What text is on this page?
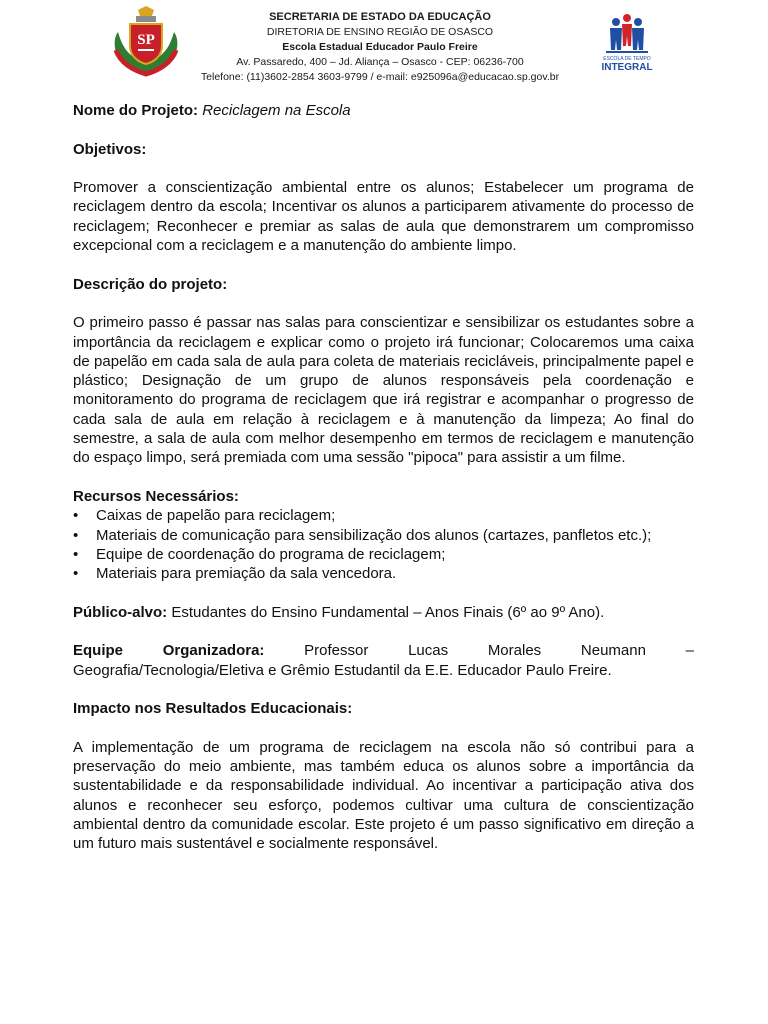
SP
SECRETARIA DE ESTADO DA EDUCAÇÃO
DIRETORIA DE ENSINO REGIÃO DE OSASCO
Escola Estadual Educador Paulo Freire
Av. Passaredo, 400 – Jd. Aliança – Osasco - CEP: 06236-700
Telefone: (11)3602-2854 3603-9799 / e-mail: e925096a@educacao.sp.gov.br
ESCOLA DE TEMPO
INTEGRAL

Nome do Projeto: Reciclagem na Escola

Objetivos:

Promover a conscientização ambiental entre os alunos; Estabelecer um programa de reciclagem dentro da escola; Incentivar os alunos a participarem ativamente do processo de reciclagem; Reconhecer e premiar as salas de aula que demonstrarem um compromisso excepcional com a reciclagem e a manutenção do ambiente limpo.

Descrição do projeto:

O primeiro passo é passar nas salas para conscientizar e sensibilizar os estudantes sobre a importância da reciclagem e explicar como o projeto irá funcionar; Colocaremos uma caixa de papelão em cada sala de aula para coleta de materiais recicláveis, principalmente papel e plástico; Designação de um grupo de alunos responsáveis pela coordenação e monitoramento do programa de reciclagem que irá registrar e acompanhar o progresso de cada sala de aula em relação à reciclagem e à manutenção da limpeza; Ao final do semestre, a sala de aula com melhor desempenho em termos de reciclagem e manutenção do espaço limpo, será premiada com uma sessão "pipoca" para assistir a um filme.

Recursos Necessários:

• Caixas de papelão para reciclagem;
• Materiais de comunicação para sensibilização dos alunos (cartazes, panfletos etc.);
• Equipe de coordenação do programa de reciclagem;
• Materiais para premiação da sala vencedora.

Público-alvo: Estudantes do Ensino Fundamental – Anos Finais (6º ao 9º Ano).

Equipe	Organizadora:	Professor	Lucas	Morales	Neumann	–
Geografia/Tecnologia/Eletiva e Grêmio Estudantil da E.E. Educador Paulo Freire.

Impacto nos Resultados Educacionais:

A implementação de um programa de reciclagem na escola não só contribui para a preservação do meio ambiente, mas também educa os alunos sobre a importância da sustentabilidade e da responsabilidade individual. Ao incentivar a participação ativa dos alunos e reconhecer seu esforço, podemos cultivar uma cultura de conscientização ambiental dentro da comunidade escolar. Este projeto é um passo significativo em direção a um futuro mais sustentável e socialmente responsável.
